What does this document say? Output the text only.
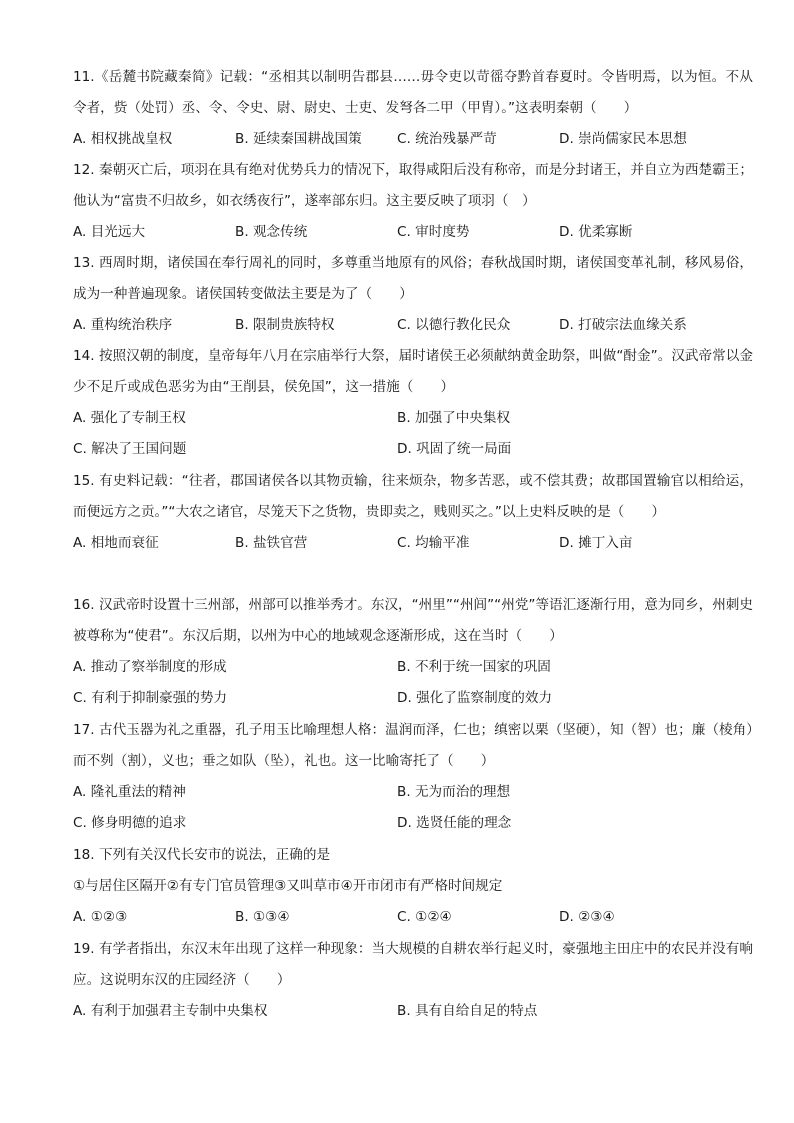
11.《岳麓书院藏秦简》记载：“丞相其以制明告郡县……毋令吏以苛徭夺黔首春夏时。令皆明焉，以为恒。不从令者，赀（处罚）丞、令、令史、尉、尉史、士吏、发弩各二甲（甲胄）。”这表明秦朝（　　）
A. 相权挑战皇权	B. 延续秦国耕战国策	C. 统治残暴严苛	D. 崇尚儒家民本思想
12. 秦朝灭亡后，项羽在具有绝对优势兵力的情况下，取得咸阳后没有称帝，而是分封诸王，并自立为西楚霸王；他认为“富贵不归故乡，如衣绣夜行”，遂率部东归。这主要反映了项羽（　）
A. 目光远大	B. 观念传统	C. 审时度势	D. 优柔寡断
13. 西周时期，诸侯国在奉行周礼的同时，多尊重当地原有的风俗；春秋战国时期，诸侯国变革礼制，移风易俗，成为一种普遍现象。诸侯国转变做法主要是为了（　　）
A. 重构统治秩序	B. 限制贵族特权	C. 以德行教化民众	D. 打破宗法血缘关系
14. 按照汉朝的制度，皇帝每年八月在宗庙举行大祭，届时诸侯王必须献纳黄金助祭，叫做“酎金”。汉武帝常以金少不足斤或成色恶劣为由“王削县，侯免国”，这一措施（　　）
A. 强化了专制王权	B. 加强了中央集权
C. 解决了王国问题	D. 巩固了统一局面
15. 有史料记载：“往者，郡国诸侯各以其物贡输，往来烦杂，物多苦恶，或不偿其费；故郡国置输官以相给运，而便远方之贡。”“大农之诸官，尽笼天下之货物，贵即卖之，贱则买之。”以上史料反映的是（　　）
A. 相地而衰征	B. 盐铁官营	C. 均输平准	D. 摊丁入亩
16. 汉武帝时设置十三州部，州部可以推举秀才。东汉，“州里”“州闾”“州党”等语汇逐渐行用，意为同乡，州刺史被尊称为“使君”。东汉后期，以州为中心的地域观念逐渐形成，这在当时（　　）
A. 推动了察举制度的形成	B. 不利于统一国家的巩固
C. 有利于抑制豪强的势力	D. 强化了监察制度的效力
17. 古代玉器为礼之重器，孔子用玉比喻理想人格：温润而泽，仁也；缜密以栗（坚硬），知（智）也；廉（棱角）而不刿（割），义也；垂之如队（坠），礼也。这一比喻寄托了（　　）
A. 隆礼重法的精神	B. 无为而治的理想
C. 修身明德的追求	D. 选贤任能的理念
18. 下列有关汉代长安市的说法，正确的是
①与居住区隔开②有专门官员管理③又叫草市④开市闭市有严格时间规定
A. ①②③	B. ①③④	C. ①②④	D. ②③④
19. 有学者指出，东汉末年出现了这样一种现象：当大规模的自耕农举行起义时，豪强地主田庄中的农民并没有响应。这说明东汉的庄园经济（　　）
A. 有利于加强君主专制中央集权	B. 具有自给自足的特点
